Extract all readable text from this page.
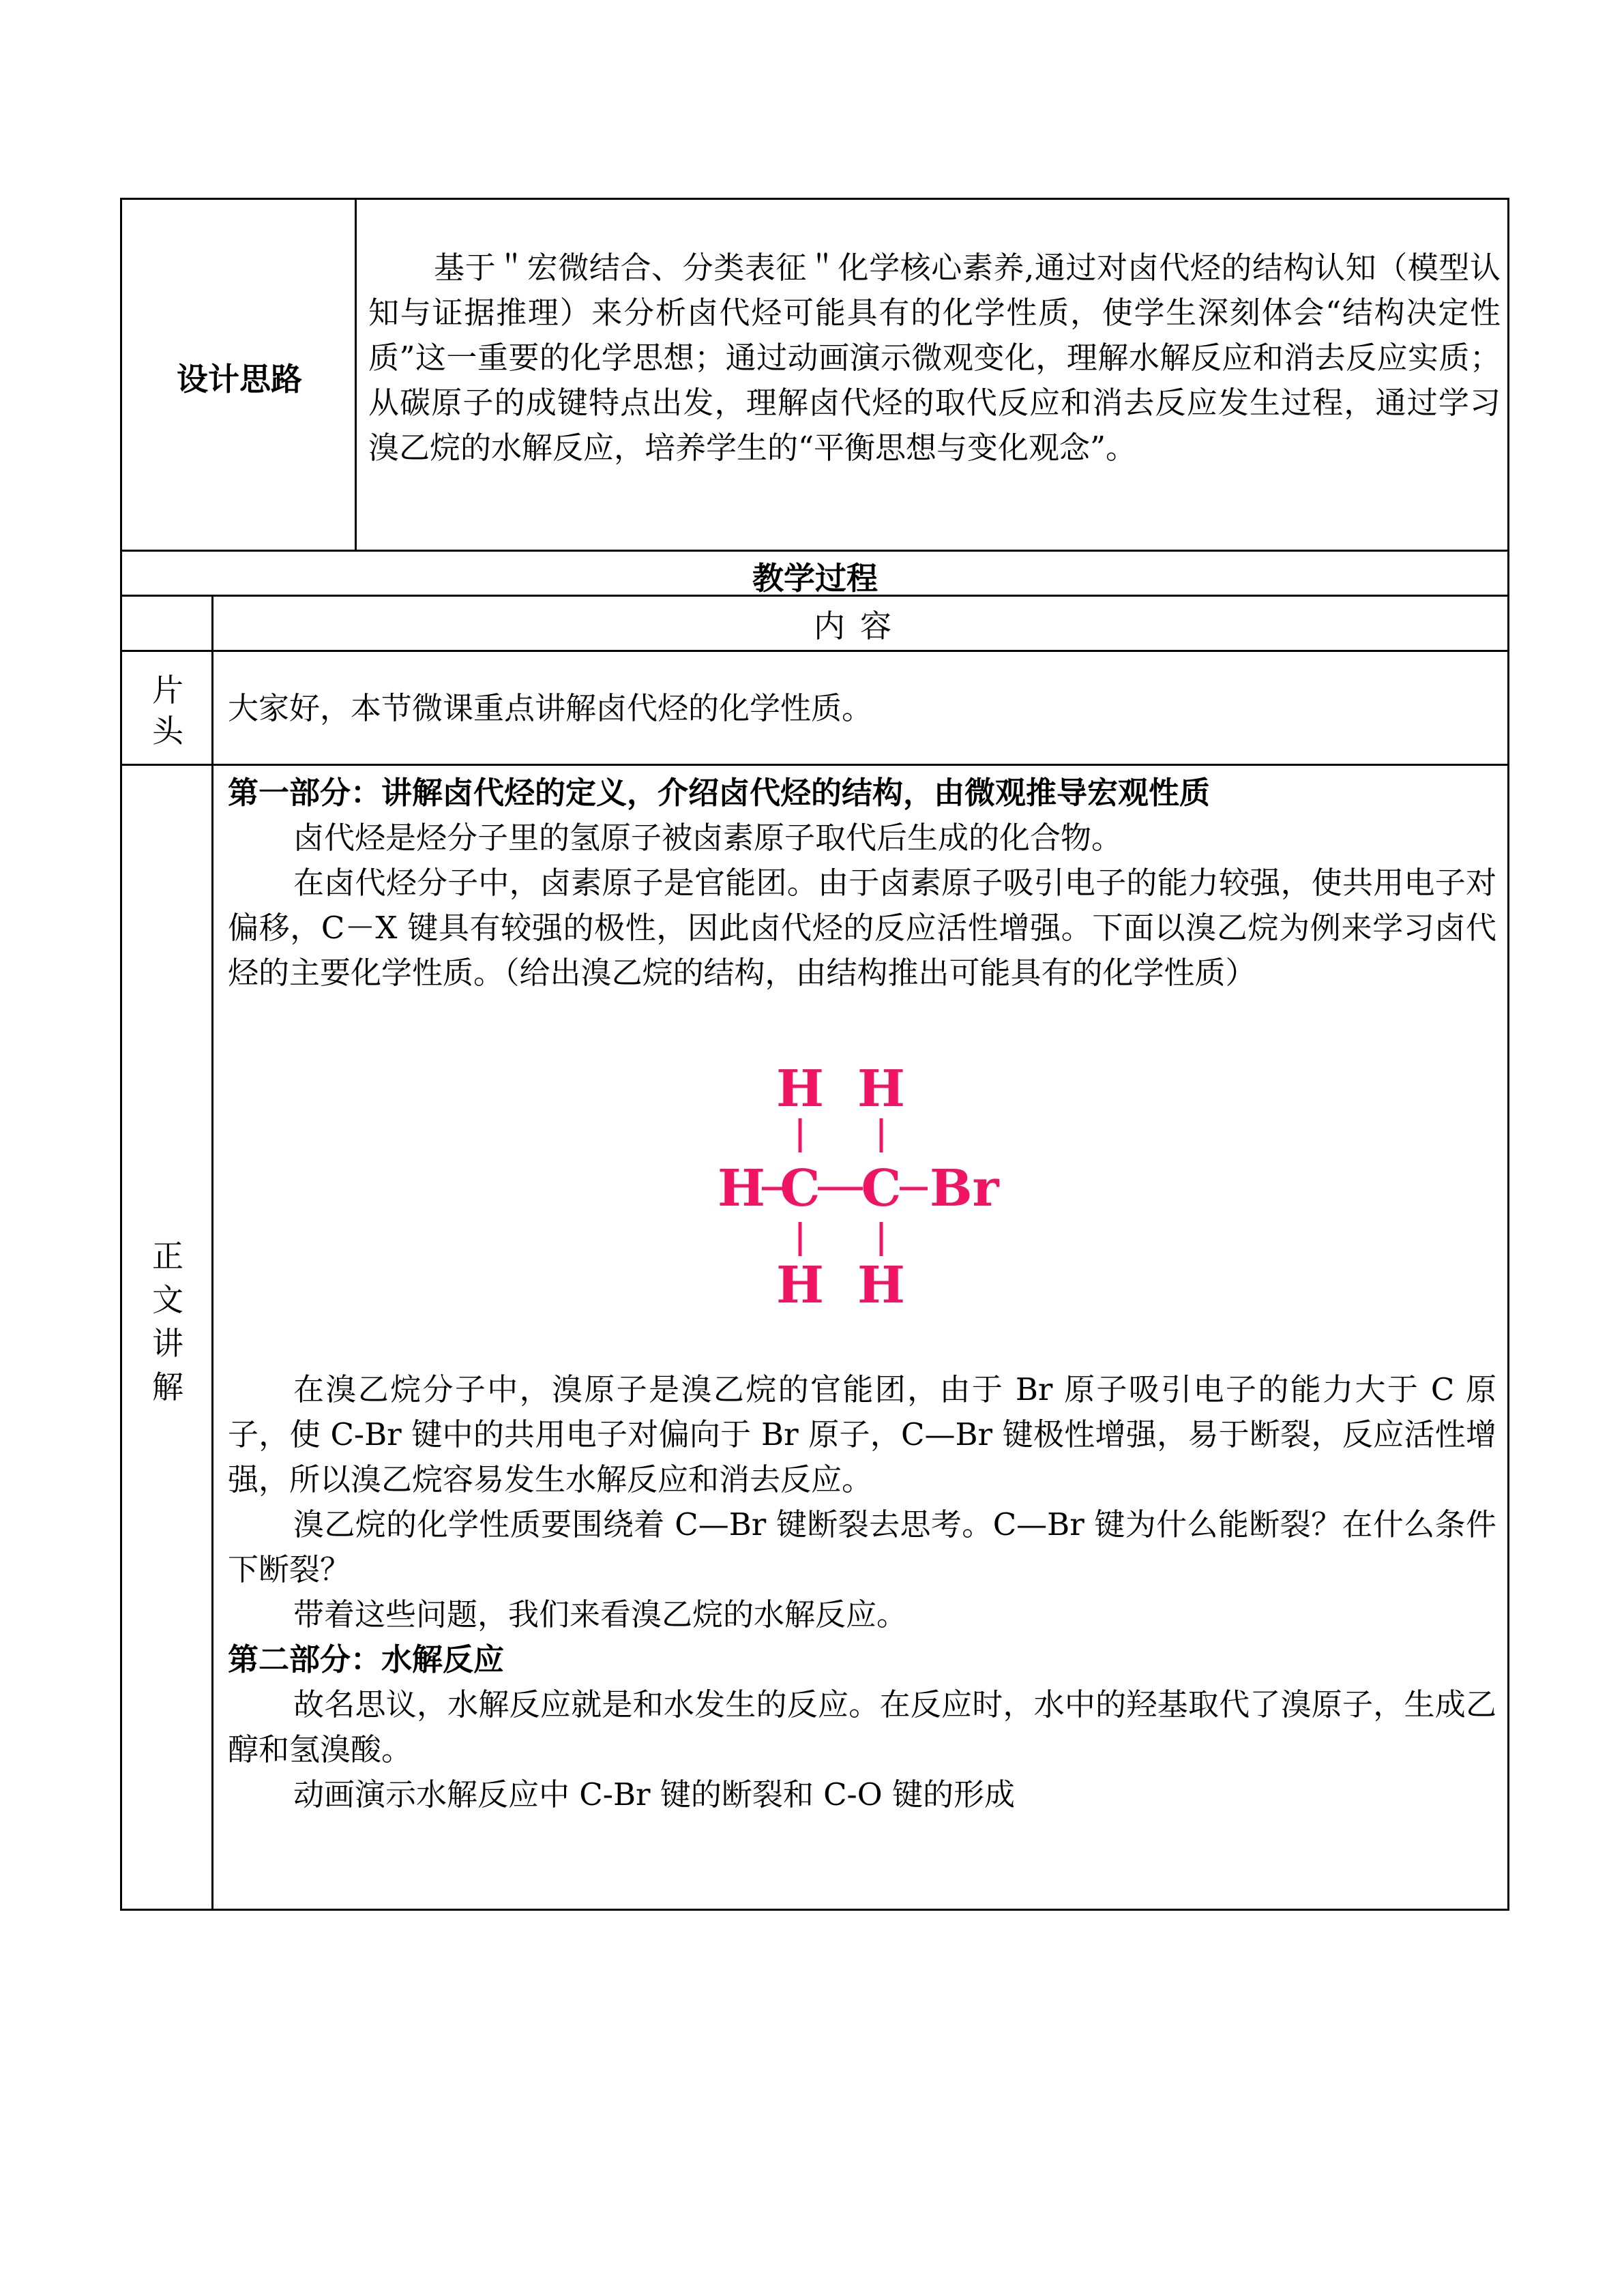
设计思路

基于＂宏微结合、分类表征＂化学核心素养,通过对卤代烃的结构认知（模型认知与证据推理）来分析卤代烃可能具有的化学性质，使学生深刻体会“结构决定性质”这一重要的化学思想；通过动画演示微观变化，理解水解反应和消去反应实质；从碳原子的成键特点出发，理解卤代烃的取代反应和消去反应发生过程，通过学习溴乙烷的水解反应，培养学生的“平衡思想与变化观念”。

教学过程
内容
片
头
大家好，本节微课重点讲解卤代烃的化学性质。
正
文
讲
解

第一部分：讲解卤代烃的定义，介绍卤代烃的结构，由微观推导宏观性质

卤代烃是烃分子里的氢原子被卤素原子取代后生成的化合物。

在卤代烃分子中，卤素原子是官能团。由于卤素原子吸引电子的能力较强，使共用电子对偏移，C－X 键具有较强的极性，因此卤代烃的反应活性增强。下面以溴乙烷为例来学习卤代烃的主要化学性质。（给出溴乙烷的结构，由结构推出可能具有的化学性质）

H H
H C C Br
H H

在溴乙烷分子中，溴原子是溴乙烷的官能团，由于 Br 原子吸引电子的能力大于 C 原子，使 C-Br 键中的共用电子对偏向于 Br 原子，C—Br 键极性增强，易于断裂，反应活性增强，所以溴乙烷容易发生水解反应和消去反应。

溴乙烷的化学性质要围绕着 C—Br 键断裂去思考。C—Br 键为什么能断裂？在什么条件下断裂？

带着这些问题，我们来看溴乙烷的水解反应。

第二部分：水解反应

故名思议，水解反应就是和水发生的反应。在反应时，水中的羟基取代了溴原子，生成乙醇和氢溴酸。

动画演示水解反应中 C-Br 键的断裂和 C-O 键的形成
